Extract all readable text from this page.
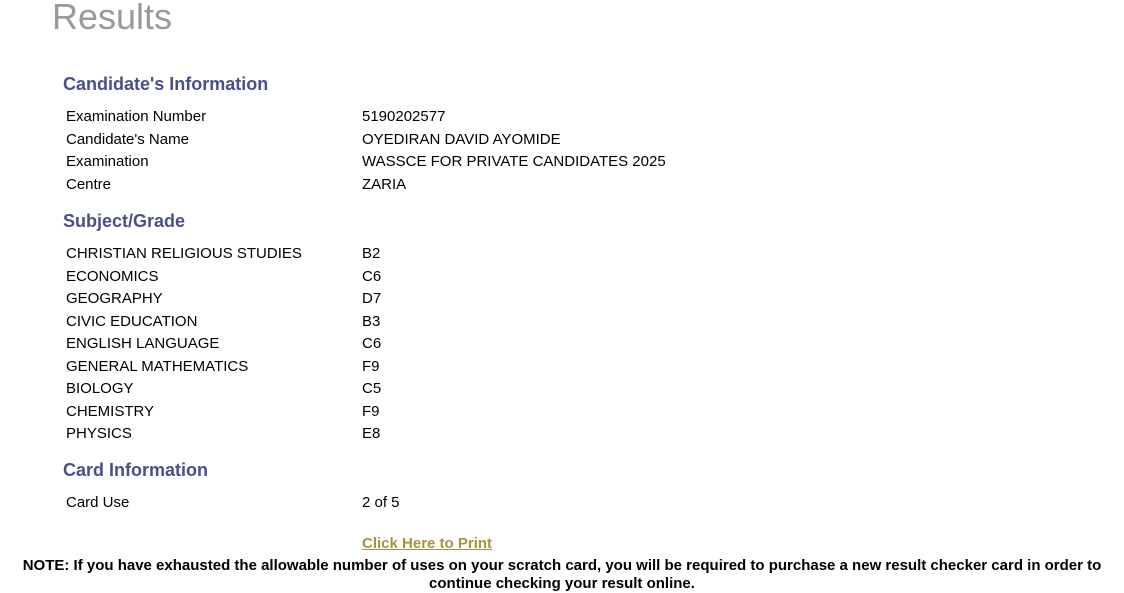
Results
Candidate's Information
Examination Number	5190202577
Candidate's Name	OYEDIRAN DAVID AYOMIDE
Examination	WASSCE FOR PRIVATE CANDIDATES 2025
Centre	ZARIA
Subject/Grade
CHRISTIAN RELIGIOUS STUDIES	B2
ECONOMICS	C6
GEOGRAPHY	D7
CIVIC EDUCATION	B3
ENGLISH LANGUAGE	C6
GENERAL MATHEMATICS	F9
BIOLOGY	C5
CHEMISTRY	F9
PHYSICS	E8
Card Information
Card Use	2 of 5
Click Here to Print
NOTE: If you have exhausted the allowable number of uses on your scratch card, you will be required to purchase a new result checker card in order to continue checking your result online.
